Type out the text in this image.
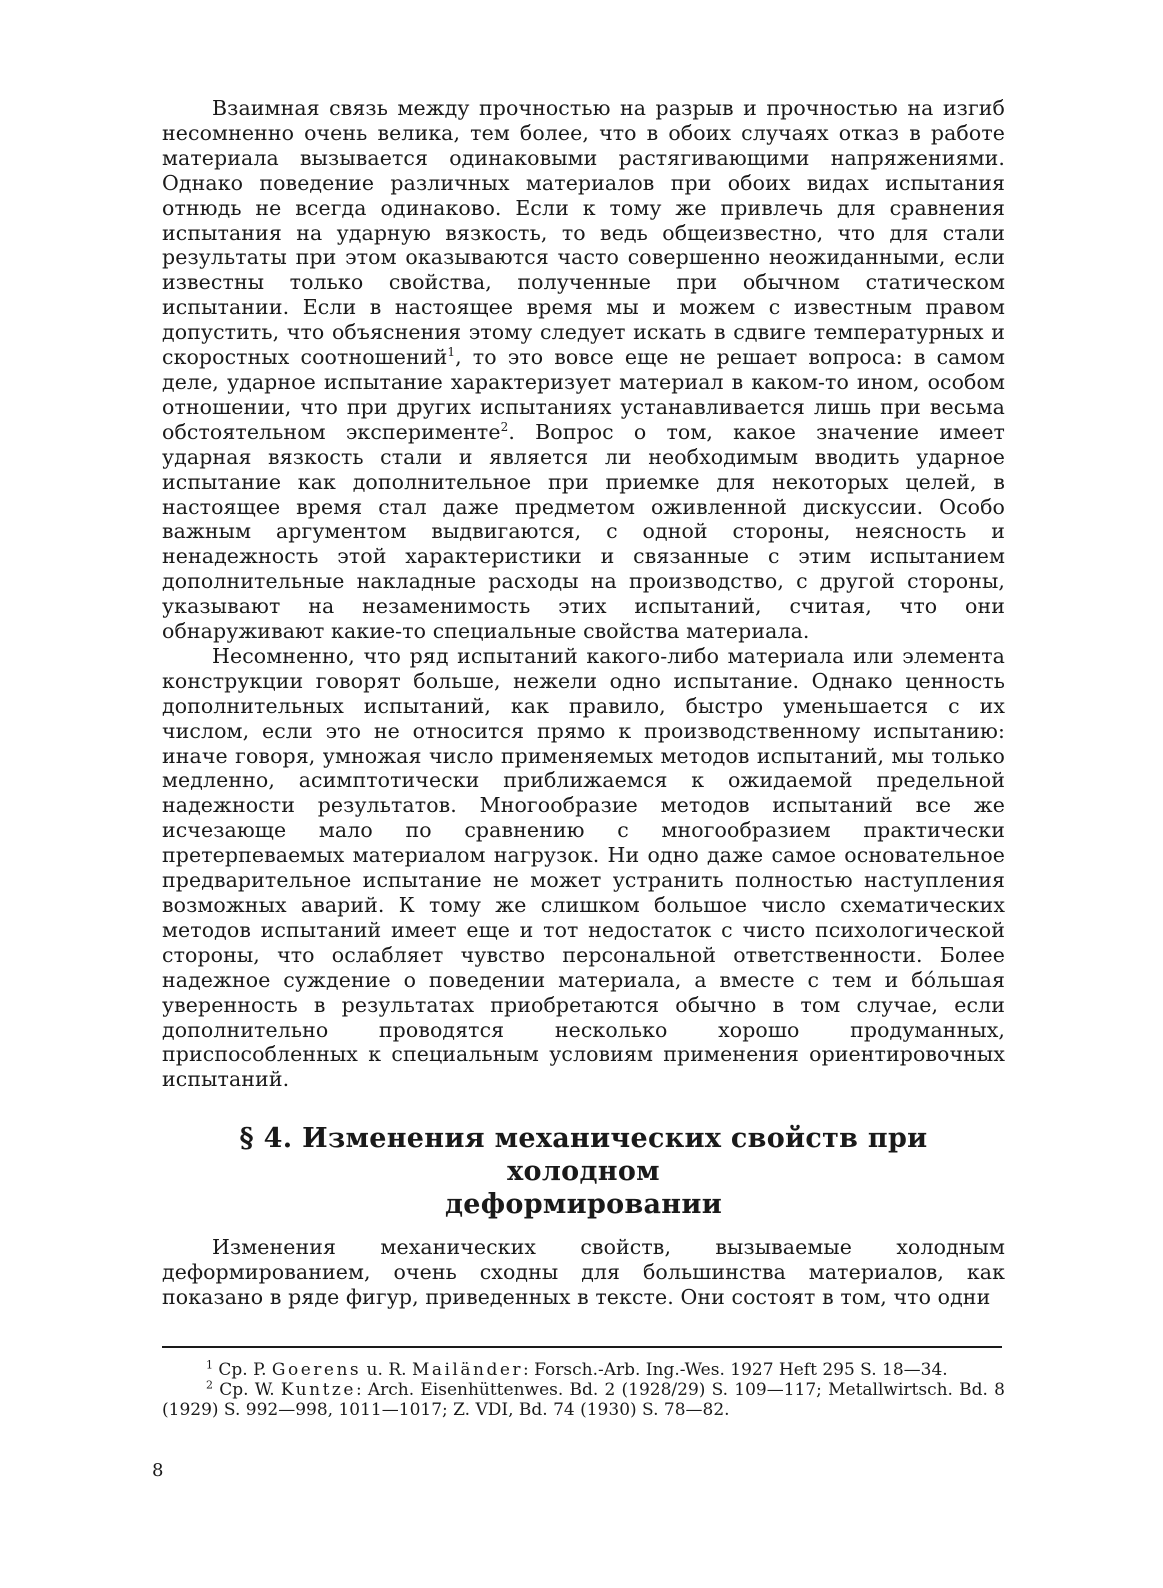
Взаимная связь между прочностью на разрыв и прочностью на изгиб несомненно очень велика, тем более, что в обоих случаях отказ в работе материала вызывается одинаковыми растягивающими напряжениями. Однако поведение различных материалов при обоих видах испытания отнюдь не всегда одинаково. Если к тому же привлечь для сравнения испытания на ударную вязкость, то ведь общеизвестно, что для стали результаты при этом оказываются часто совершенно неожиданными, если известны только свойства, полученные при обычном статическом испытании. Если в настоящее время мы и можем с известным правом допустить, что объяснения этому следует искать в сдвиге температурных и скоростных соотношений$^1$, то это вовсе еще не решает вопроса: в самом деле, ударное испытание характеризует материал в каком-то ином, особом отношении, что при других испытаниях устанавливается лишь при весьма обстоятельном эксперименте$^2$. Вопрос о том, какое значение имеет ударная вязкость стали и является ли необходимым вводить ударное испытание как дополнительное при приемке для некоторых целей, в настоящее время стал даже предметом оживленной дискуссии. Особо важным аргументом выдвигаются, с одной стороны, неясность и ненадежность этой характеристики и связанные с этим испытанием дополнительные накладные расходы на производство, с другой стороны, указывают на незаменимость этих испытаний, считая, что они обнаруживают какие-то специальные свойства материала.

Несомненно, что ряд испытаний какого-либо материала или элемента конструкции говорят больше, нежели одно испытание. Однако ценность дополнительных испытаний, как правило, быстро уменьшается с их числом, если это не относится прямо к производственному испытанию: иначе говоря, умножая число применяемых методов испытаний, мы только медленно, асимптотически приближаемся к ожидаемой предельной надежности результатов. Многообразие методов испытаний все же исчезающе мало по сравнению с многообразием практически претерпеваемых материалом нагрузок. Ни одно даже самое основательное предварительное испытание не может устранить полностью наступления возможных аварий. К тому же слишком большое число схематических методов испытаний имеет еще и тот недостаток с чисто психологической стороны, что ослабляет чувство персональной ответственности. Более надежное суждение о поведении материала, а вместе с тем и бо́льшая уверенность в результатах приобретаются обычно в том случае, если дополнительно проводятся несколько хорошо продуманных, приспособленных к специальным условиям применения ориентировочных испытаний.

§ 4. Изменения механических свойств при холодном
деформировании

Изменения механических свойств, вызываемые холодным деформированием, очень сходны для большинства материалов, как показано в ряде фигур, приведенных в тексте. Они состоят в том, что одни

$^1$ Ср. P. Goerens u. R. Mailänder: Forsch.-Arb. Ing.-Wes. 1927 Heft 295 S. 18—34.

$^2$ Ср. W. Kuntze: Arch. Eisenhüttenwes. Bd. 2 (1928/29) S. 109—117; Metallwirtsch. Bd. 8 (1929) S. 992—998, 1011—1017; Z. VDI, Bd. 74 (1930) S. 78—82.

8
